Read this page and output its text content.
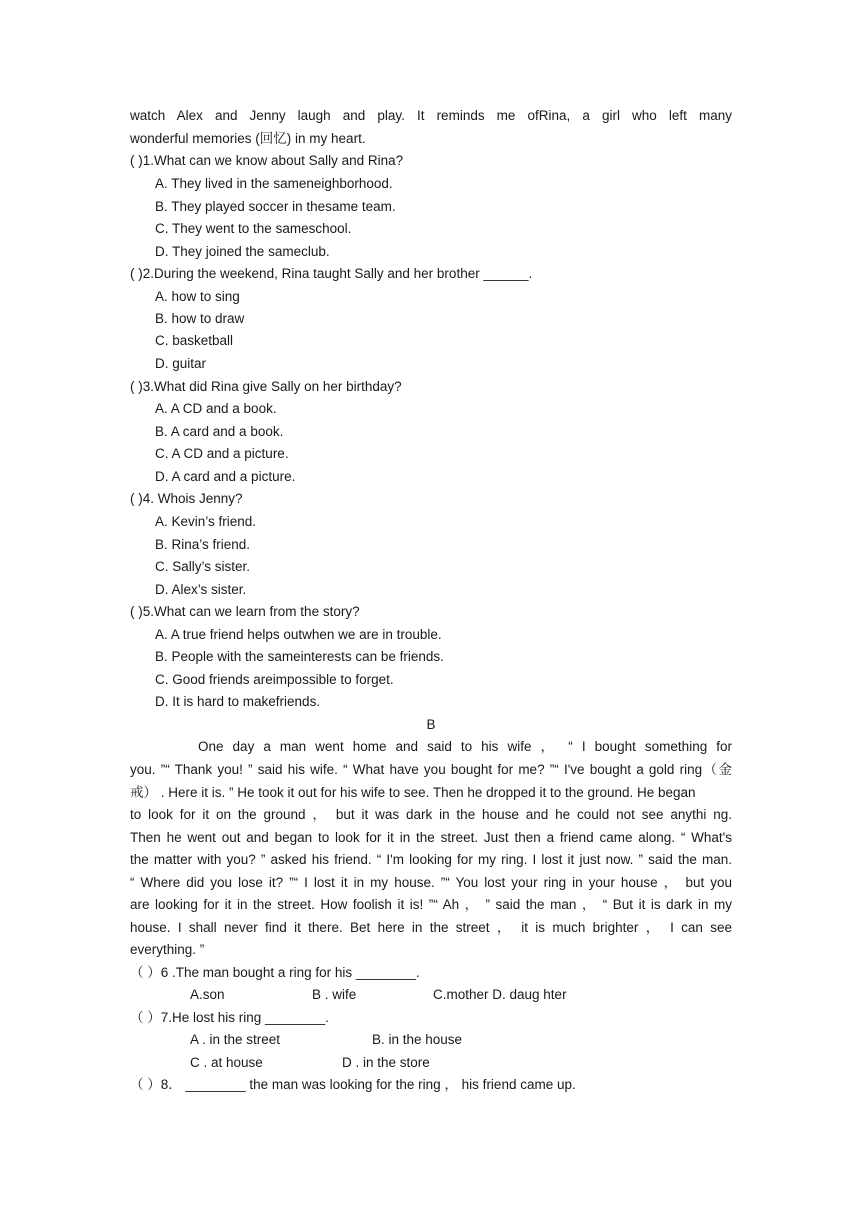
watch Alex and Jenny laugh and play. It reminds me ofRina, a girl who left many
wonderful memories (回忆) in my heart.
( )1.What can we know about Sally and Rina?
A. They lived in the sameneighborhood.
B. They played soccer in thesame team.
C. They went to the sameschool.
D. They joined the sameclub.
( )2.During the weekend, Rina taught Sally and her brother ______.
A. how to sing
B. how to draw
C. basketball
D. guitar
( )3.What did Rina give Sally on her birthday?
A. A CD and a book.
B. A card and a book.
C. A CD and a picture.
D. A card and a picture.
( )4. Whois Jenny?
A. Kevin’s friend.
B. Rina’s friend.
C. Sally’s sister.
D. Alex’s sister.
( )5.What can we learn from the story?
A. A true friend helps outwhen we are in trouble.
B. People with the sameinterests can be friends.
C. Good friends areimpossible to forget.
D. It is hard to makefriends.
B
One day a man went home and said to his wife ， “ I bought something for
you. ”“ Thank you! ” said his wife. “ What have you bought for me? ”“ I've bought a gold ring（金
戒） . Here it is. ” He took it out for his wife to see. Then he dropped it to the ground. He began
to look for it on the ground ， but it was dark in the house and he could not see anythi ng.
Then he went out and began to look for it in the street. Just then a friend came along. “ What's
the matter with you? ” asked his friend. “ I'm looking for my ring. I lost it just now. ” said the man.
“ Where did you lose it? ”“ I lost it in my house. ”“ You lost your ring in your house ， but you
are looking for it in the street. How foolish it is! ”“ Ah ， ” said the man ， “ But it is dark in my
house. I shall never find it there. Bet here in the street ， it is much brighter ， I can see
everything. ”
（ ）6 .The man bought a ring for his ________.
A.son	B . wife	C.mother D. daug hter
（ ）7.He lost his ring ________.
A . in the street	B. in the house
C . at house	D . in the store
（ ）8． ________ the man was looking for the ring ， his friend came up.
